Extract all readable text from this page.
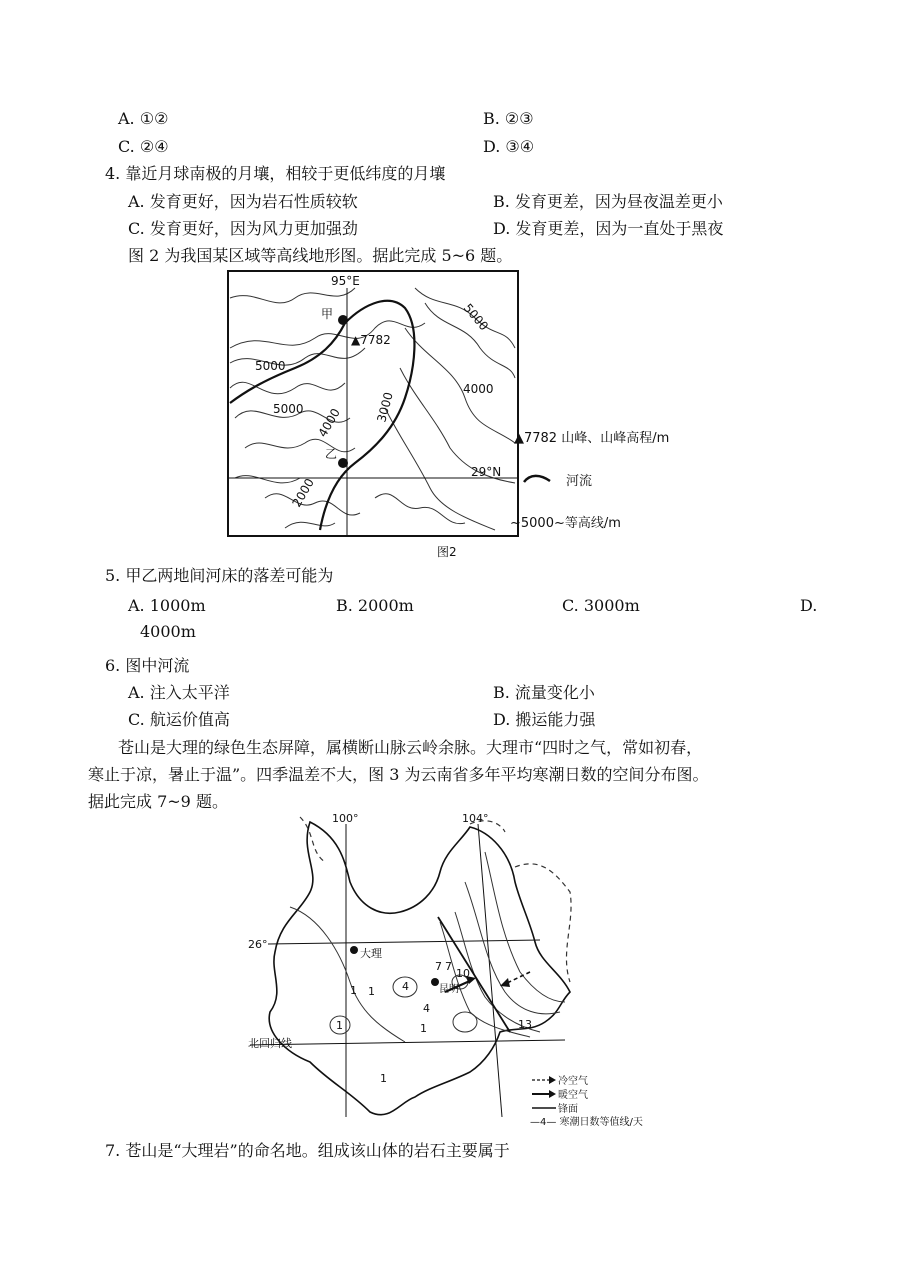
A. ①②	B. ②③
C. ②④	D. ③④
4. 靠近月球南极的月壤，相较于更低纬度的月壤
A. 发育更好，因为岩石性质较软	B. 发育更差，因为昼夜温差更小
C. 发育更好，因为风力更加强劲	D. 发育更差，因为一直处于黑夜
图 2 为我国某区域等高线地形图。据此完成 5~6 题。
95°E
甲
▲7782
乙
29°N
5000
5000
5000
4000
4000	3000
2000
图2
▲7782 山峰、山峰高程/m
河流
~5000~等高线/m
5. 甲乙两地间河床的落差可能为
A. 1000m	B. 2000m	C. 3000m	D.
4000m
6. 图中河流
A. 注入太平洋	B. 流量变化小
C. 航运价值高	D. 搬运能力强
苍山是大理的绿色生态屏障，属横断山脉云岭余脉。大理市“四时之气，常如初春，
寒止于凉，暑止于温”。四季温差不大，图 3 为云南省多年平均寒潮日数的空间分布图。
据此完成 7~9 题。
100°	104°
26°
北回归线
大理
昆明
1
1
1	1
1
4
7 7
10
4
13
冷空气
暖空气
锋面
—4— 寒潮日数等值线/天
7. 苍山是“大理岩”的命名地。组成该山体的岩石主要属于
